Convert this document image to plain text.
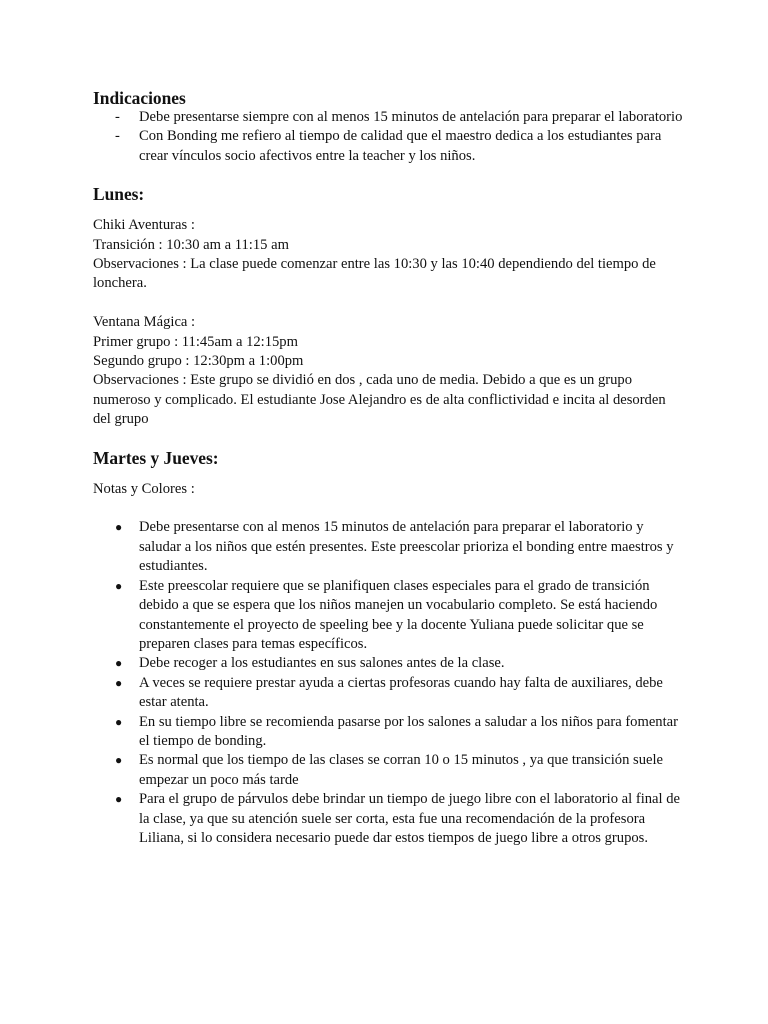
Indicaciones
- Debe presentarse siempre con al menos 15 minutos de antelación para preparar el laboratorio
- Con Bonding me refiero al tiempo de calidad que el maestro dedica a los estudiantes para crear vínculos socio afectivos entre la teacher y los niños.
Lunes:

Chiki Aventuras :

Transición : 10:30 am a 11:15 am

Observaciones : La clase puede comenzar entre las 10:30 y las 10:40 dependiendo del tiempo de lonchera.

Ventana Mágica :

Primer grupo : 11:45am a 12:15pm

Segundo grupo : 12:30pm a 1:00pm

Observaciones : Este grupo se dividió en dos , cada uno de media. Debido a que es un grupo numeroso y complicado. El estudiante Jose Alejandro es de alta conflictividad e incita al desorden del grupo

Martes y Jueves:

Notas y Colores :

● Debe presentarse con al menos 15 minutos de antelación para preparar el laboratorio y saludar a los niños que estén presentes. Este preescolar prioriza el bonding entre maestros y estudiantes.
● Este preescolar requiere que se planifiquen clases especiales para el grado de transición debido a que se espera que los niños manejen un vocabulario completo. Se está haciendo constantemente el proyecto de speeling bee y la docente Yuliana puede solicitar que se preparen clases para temas específicos.
● Debe recoger a los estudiantes en sus salones antes de la clase.
● A veces se requiere prestar ayuda a ciertas profesoras cuando hay falta de auxiliares, debe estar atenta.
● En su tiempo libre se recomienda pasarse por los salones a saludar a los niños para fomentar el tiempo de bonding.
● Es normal que los tiempo de las clases se corran 10 o 15 minutos , ya que transición suele empezar un poco más tarde
● Para el grupo de párvulos debe brindar un tiempo de juego libre con el laboratorio al final de la clase, ya que su atención suele ser corta, esta fue una recomendación de la profesora Liliana, si lo considera necesario puede dar estos tiempos de juego libre a otros grupos.
